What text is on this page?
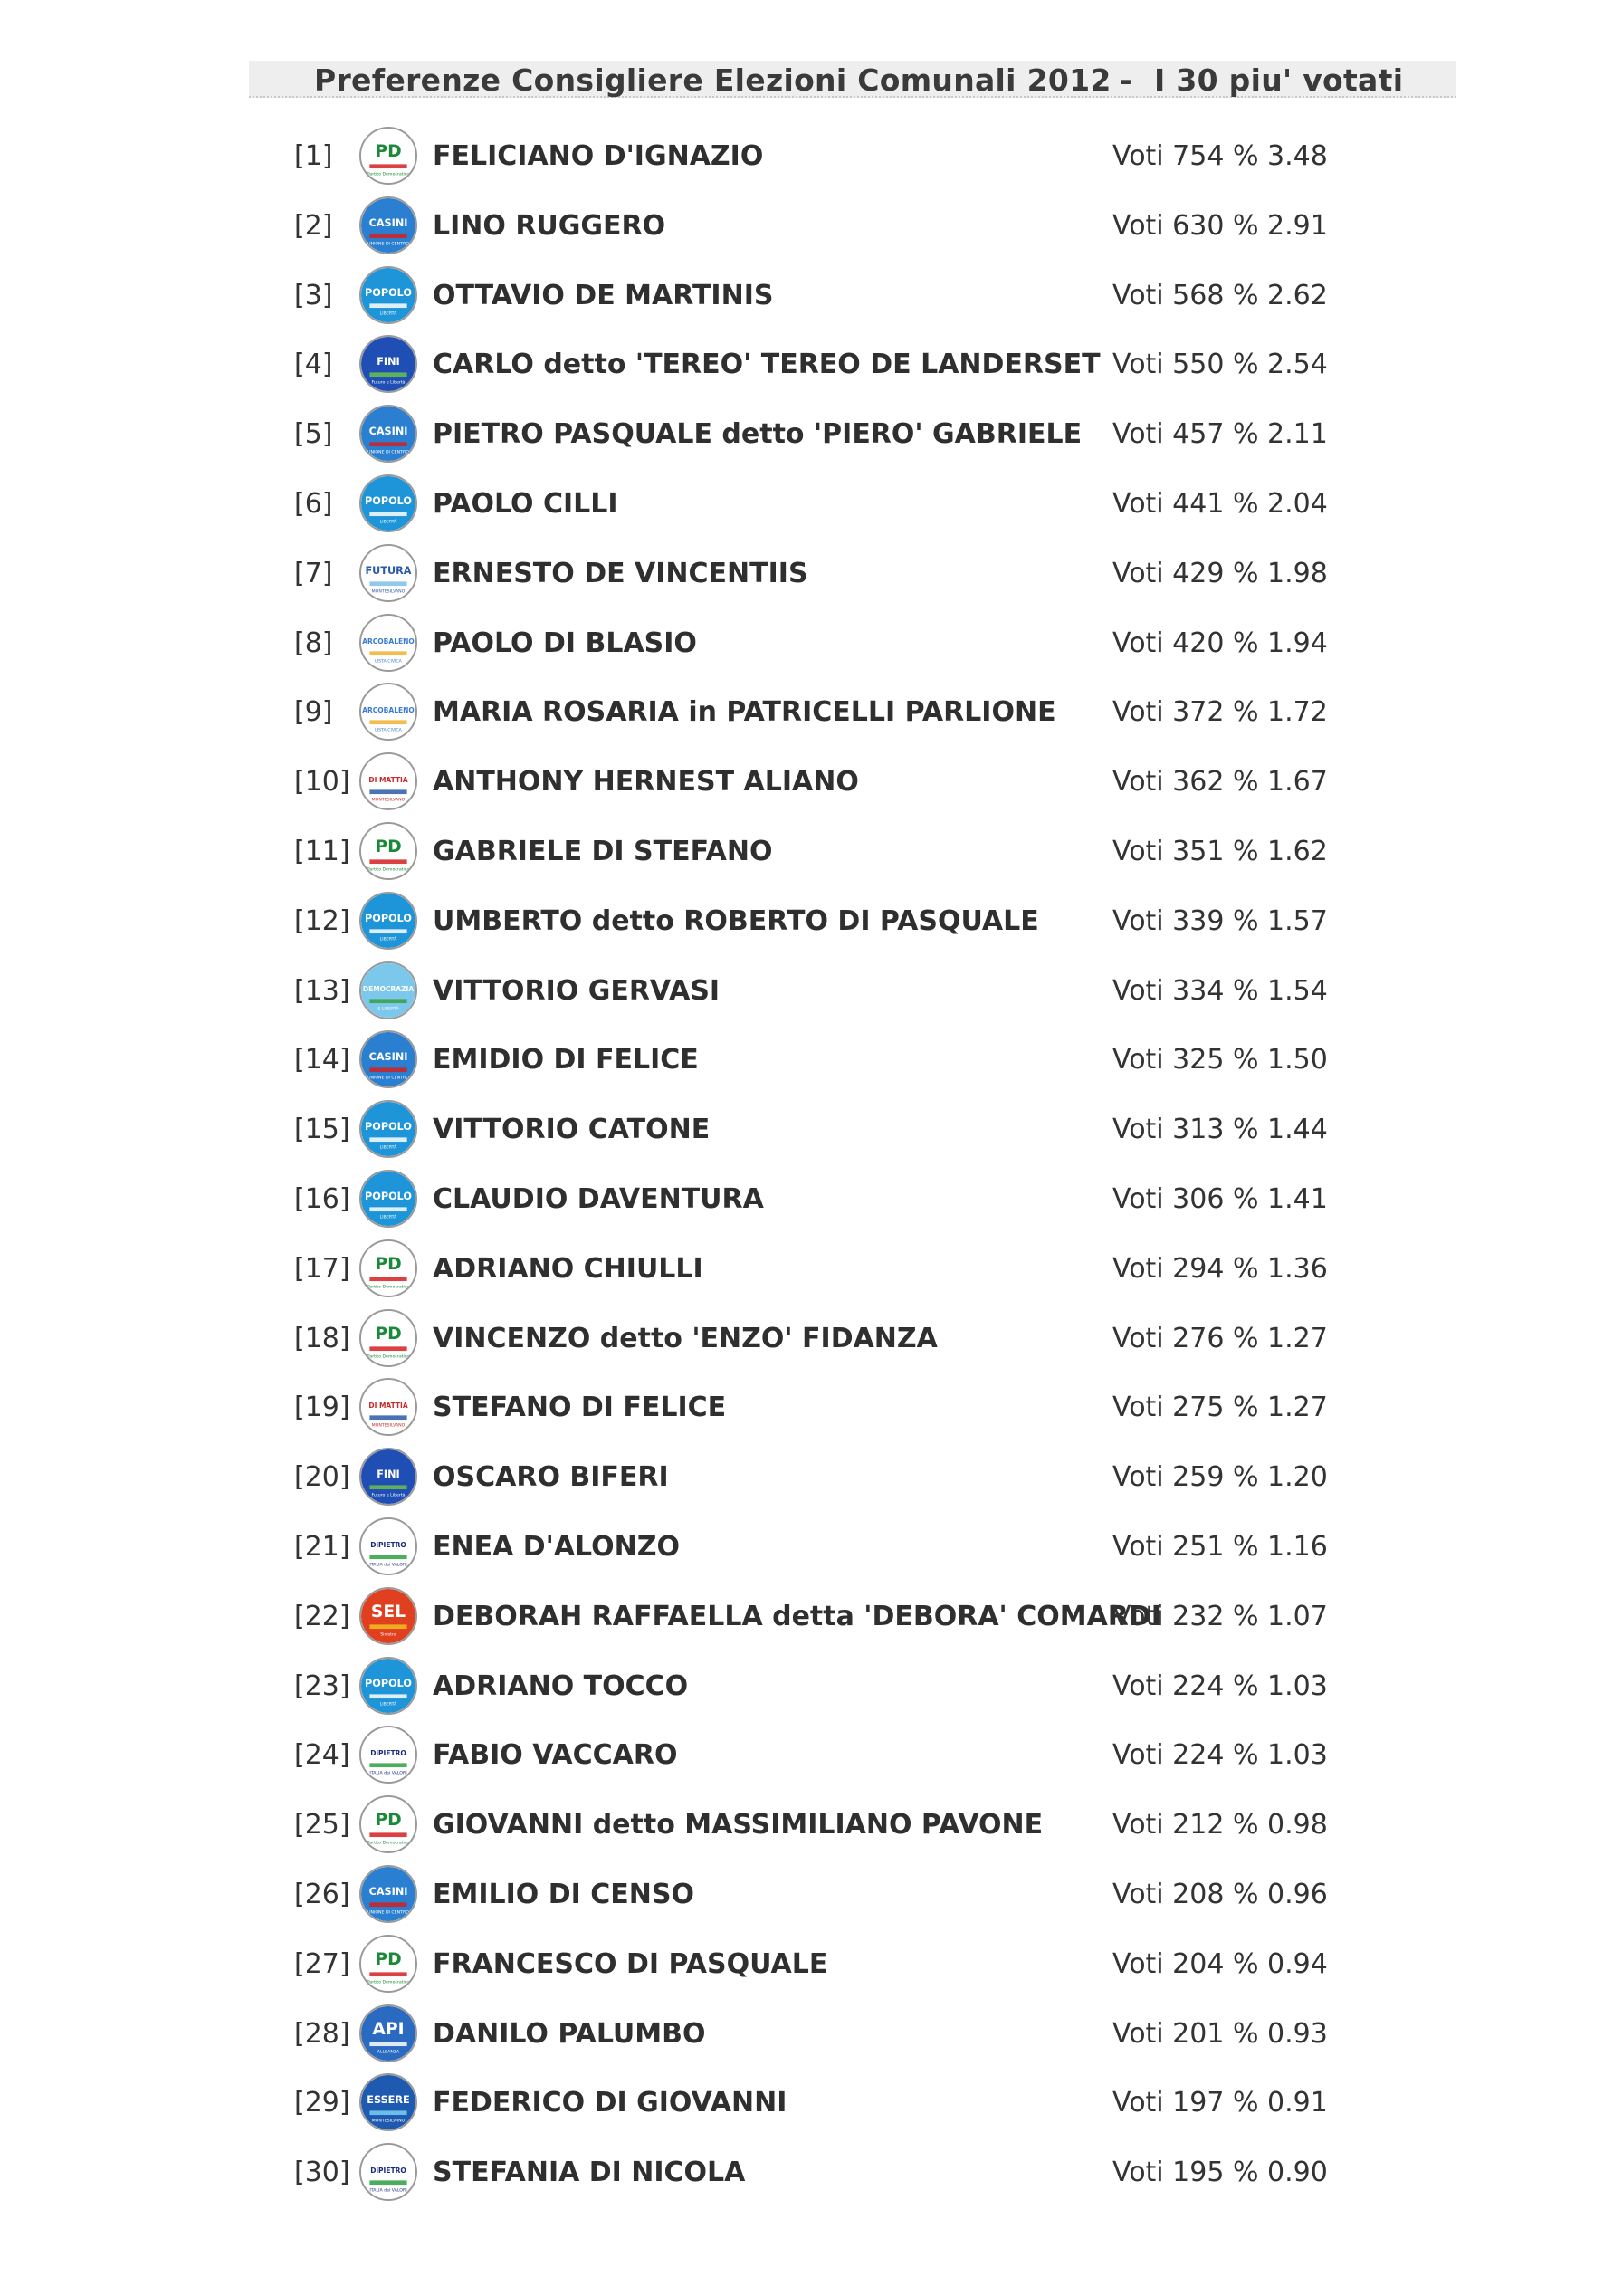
Preferenze Consigliere Elezioni Comunali 2012 - I 30 piu' votati
[1] PD
Partito Democratico
FELICIANO D'IGNAZIO	Voti 754 % 3.48
[2]	CASINI
UNIONE DI CENTRO
LINO RUGGERO	Voti 630 % 2.91
[3]	POPOLO
LIBERTÀ
OTTAVIO DE MARTINIS	Voti 568 % 2.62
[4]	FINI
Futuro e Libertà
CARLO detto 'TEREO' TEREO DE LANDERSET Voti 550 % 2.54
[5]	CASINI
UNIONE DI CENTRO
PIETRO PASQUALE detto 'PIERO' GABRIELE Voti 457 % 2.11
[6]	POPOLO
LIBERTÀ
PAOLO CILLI	Voti 441 % 2.04
[7]	FUTURA
MONTESILVANO
ERNESTO DE VINCENTIIS	Voti 429 % 1.98
[8]	ARCOBALENO
LISTA CIVICA
PAOLO DI BLASIO	Voti 420 % 1.94
[9]	ARCOBALENO
LISTA CIVICA
MARIA ROSARIA in PATRICELLI PARLIONE Voti 372 % 1.72
[10]	DI MATTIA
MONTESILVANO
ANTHONY HERNEST ALIANO	Voti 362 % 1.67
[11] PD
Partito Democratico
GABRIELE DI STEFANO	Voti 351 % 1.62
[12] POPOLO
LIBERTÀ
UMBERTO detto ROBERTO DI PASQUALE	Voti 339 % 1.57
[13] DEMOCRAZIA
E LIBERTÀ
VITTORIO GERVASI	Voti 334 % 1.54
[14] CASINI
UNIONE DI CENTRO
EMIDIO DI FELICE	Voti 325 % 1.50
[15] POPOLO
LIBERTÀ
VITTORIO CATONE	Voti 313 % 1.44
[16] POPOLO
LIBERTÀ
CLAUDIO DAVENTURA	Voti 306 % 1.41
[17] PD
Partito Democratico
ADRIANO CHIULLI	Voti 294 % 1.36
[18] PD
Partito Democratico
VINCENZO detto 'ENZO' FIDANZA	Voti 276 % 1.27
[19]	DI MATTIA
MONTESILVANO
STEFANO DI FELICE	Voti 275 % 1.27
[20] FINI
Futuro e Libertà
OSCARO BIFERI	Voti 259 % 1.20
[21]	DiPIETRO
ITALIA dei VALORI
ENEA D'ALONZO	Voti 251 % 1.16
[22] SEL
Sinistra
DEBORAH RAFFAELLA detta 'DEBORA' COMARDI
Voti 232 % 1.07
[23] POPOLO
LIBERTÀ
ADRIANO TOCCO	Voti 224 % 1.03
[24]	DiPIETRO
ITALIA dei VALORI
FABIO VACCARO	Voti 224 % 1.03
[25] PD
Partito Democratico
GIOVANNI detto MASSIMILIANO PAVONE	Voti 212 % 0.98
[26] CASINI
UNIONE DI CENTRO
EMILIO DI CENSO	Voti 208 % 0.96
[27] PD
Partito Democratico
FRANCESCO DI PASQUALE	Voti 204 % 0.94
[28] API
ALLEANZA
DANILO PALUMBO	Voti 201 % 0.93
[29] ESSERE
MONTESILVANO
FEDERICO DI GIOVANNI	Voti 197 % 0.91
[30]	DiPIETRO
ITALIA dei VALORI
STEFANIA DI NICOLA	Voti 195 % 0.90
